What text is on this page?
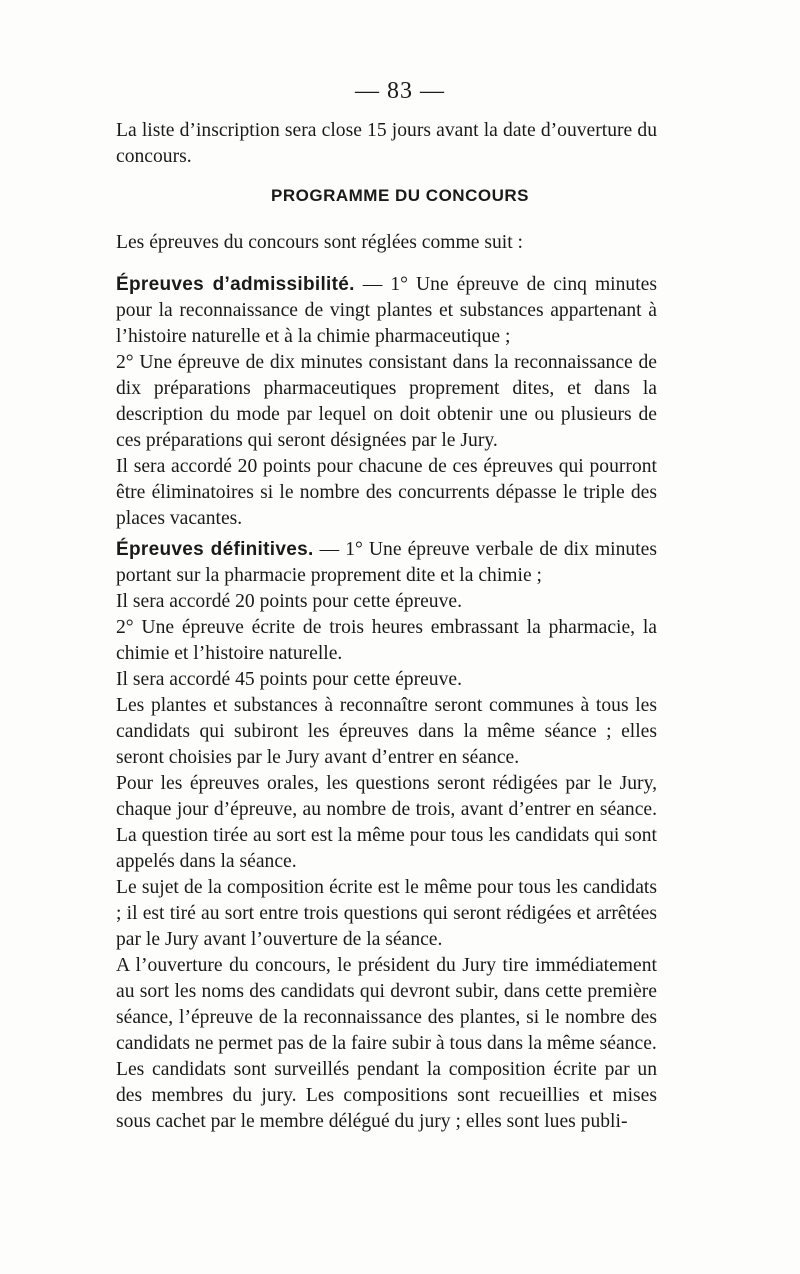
— 83 —

La liste d’inscription sera close 15 jours avant la date d’ouverture du concours.

PROGRAMME DU CONCOURS
Les épreuves du concours sont réglées comme suit :

Épreuves d’admissibilité. — 1° Une épreuve de cinq minutes pour la reconnaissance de vingt plantes et substances appartenant à l’histoire naturelle et à la chimie pharmaceutique ;

2° Une épreuve de dix minutes consistant dans la reconnaissance de dix préparations pharmaceutiques proprement dites, et dans la description du mode par lequel on doit obtenir une ou plusieurs de ces préparations qui seront désignées par le Jury.

Il sera accordé 20 points pour chacune de ces épreuves qui pourront être éliminatoires si le nombre des concurrents dépasse le triple des places vacantes.

Épreuves définitives. — 1° Une épreuve verbale de dix minutes portant sur la pharmacie proprement dite et la chimie ;

Il sera accordé 20 points pour cette épreuve.

2° Une épreuve écrite de trois heures embrassant la pharmacie, la chimie et l’histoire naturelle.

Il sera accordé 45 points pour cette épreuve.

Les plantes et substances à reconnaître seront communes à tous les candidats qui subiront les épreuves dans la même séance ; elles seront choisies par le Jury avant d’entrer en séance.

Pour les épreuves orales, les questions seront rédigées par le Jury, chaque jour d’épreuve, au nombre de trois, avant d’entrer en séance. La question tirée au sort est la même pour tous les candidats qui sont appelés dans la séance.

Le sujet de la composition écrite est le même pour tous les candidats ; il est tiré au sort entre trois questions qui seront rédigées et arrêtées par le Jury avant l’ouverture de la séance.

A l’ouverture du concours, le président du Jury tire immédiatement au sort les noms des candidats qui devront subir, dans cette première séance, l’épreuve de la reconnaissance des plantes, si le nombre des candidats ne permet pas de la faire subir à tous dans la même séance.

Les candidats sont surveillés pendant la composition écrite par un des membres du jury. Les compositions sont recueillies et mises sous cachet par le membre délégué du jury ; elles sont lues publi-
